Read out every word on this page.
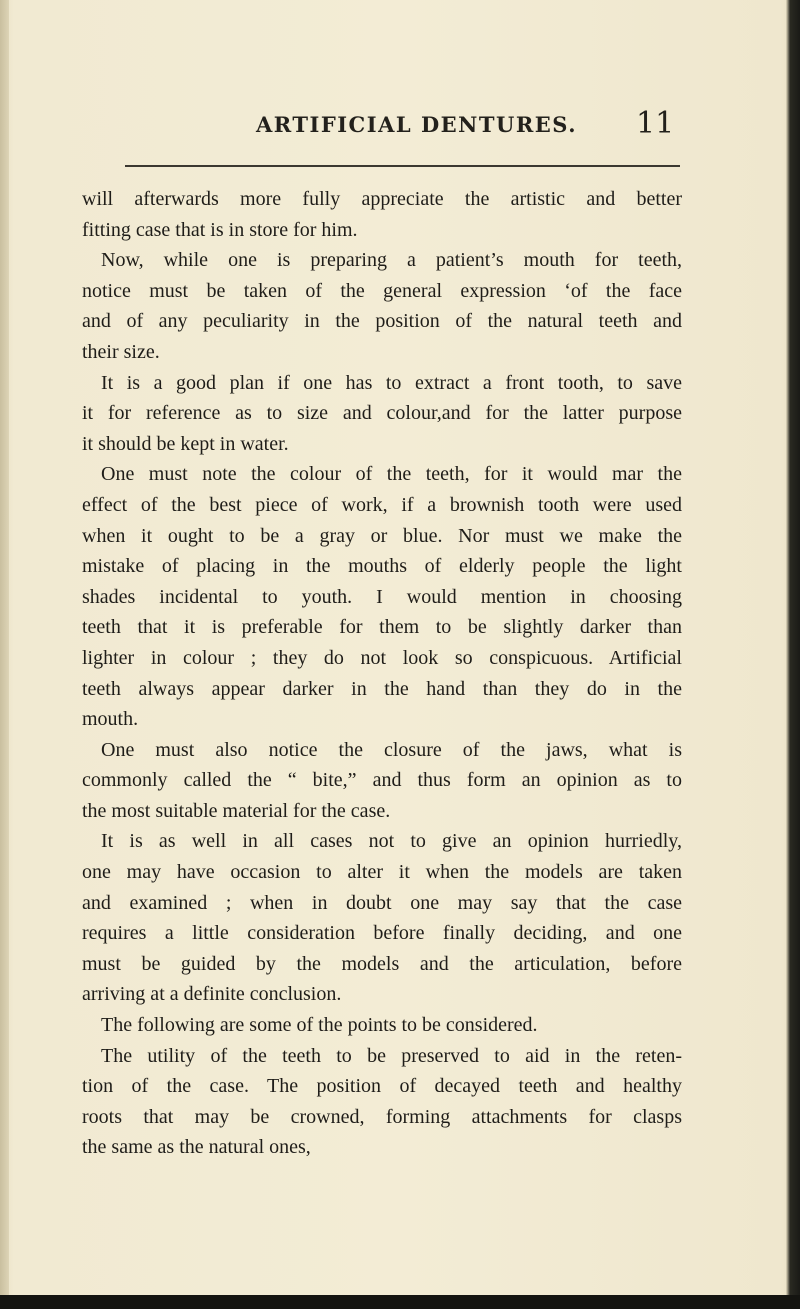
ARTIFICIAL DENTURES. 11
will afterwards more fully appreciate the artistic and better
fitting case that is in store for him.
Now, while one is preparing a patient’s mouth for teeth,
notice must be taken of the general expression ʻof the face
and of any peculiarity in the position of the natural teeth and
their size.
It is a good plan if one has to extract a front tooth, to save
it for reference as to size and colour,and for the latter purpose
it should be kept in water.
One must note the colour of the teeth, for it would mar the
effect of the best piece of work, if a brownish tooth were used
when it ought to be a gray or blue. Nor must we make the
mistake of placing in the mouths of elderly people the light
shades incidental to youth. I would mention in choosing
teeth that it is preferable for them to be slightly darker than
lighter in colour ; they do not look so conspicuous. Artificial
teeth always appear darker in the hand than they do in the
mouth.
One must also notice the closure of the jaws, what is
commonly called the “ bite,” and thus form an opinion as to
the most suitable material for the case.
It is as well in all cases not to give an opinion hurriedly,
one may have occasion to alter it when the models are taken
and examined ; when in doubt one may say that the case
requires a little consideration before finally deciding, and one
must be guided by the models and the articulation, before
arriving at a definite conclusion.
The following are some of the points to be considered.
The utility of the teeth to be preserved to aid in the reten-
tion of the case. The position of decayed teeth and healthy
roots that may be crowned, forming attachments for clasps
the same as the natural ones,
